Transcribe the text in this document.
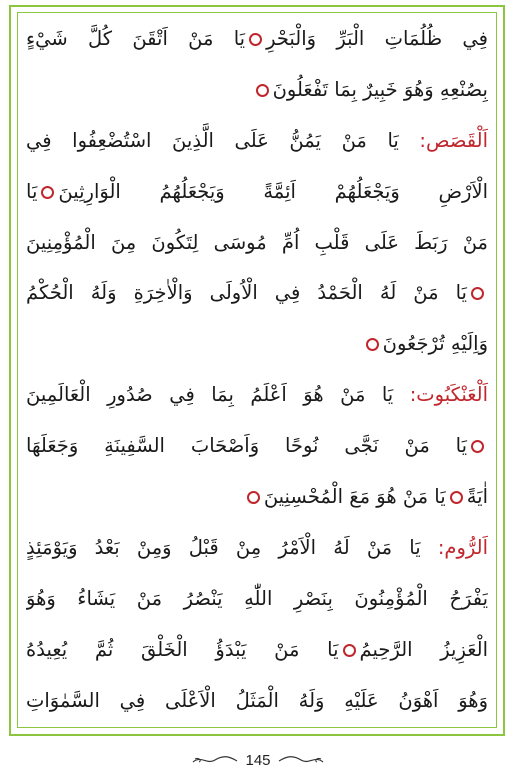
فِي ظُلُمَاتِ الْبَرِّ وَالْبَحْرِيَا مَنْ اَتْقَنَ كُلَّ شَيْءٍ
بِصُنْعِهِ وَهُوَ خَبِيرٌ بِمَا تَفْعَلُونَ
اَلْقَصَص: يَا مَنْ يَمُنُّ عَلَى الَّذِينَ اسْتُضْعِفُوا فِي
الْاَرْضِ وَيَجْعَلُهُمْ اَئِمَّةً وَيَجْعَلُهُمُ الْوَارِثِينَيَا
مَنْ رَبَطَ عَلَى قَلْبِ اُمِّ مُوسَى لِتَكُونَ مِنَ الْمُؤْمِنِينَ
يَا مَنْ لَهُ الْحَمْدُ فِي الْاُولَى وَالْاٰخِرَةِ وَلَهُ الْحُكْمُ
وَاِلَيْهِ تُرْجَعُونَ
اَلْعَنْكَبُوت: يَا مَنْ هُوَ اَعْلَمُ بِمَا فِي صُدُورِ الْعَالَمِينَ
يَا مَنْ نَجَّى نُوحًا وَاَصْحَابَ السَّفِينَةِ وَجَعَلَهَا
اٰيَةًيَا مَنْ هُوَ مَعَ الْمُحْسِنِينَ
اَلرُّوم: يَا مَنْ لَهُ الْاَمْرُ مِنْ قَبْلُ وَمِنْ بَعْدُ وَيَوْمَئِذٍ
يَفْرَحُ الْمُؤْمِنُونَ بِنَصْرِ اللّٰهِ يَنْصُرُ مَنْ يَشَاءُ وَهُوَ
الْعَزِيزُ الرَّحِيمُيَا مَنْ يَبْدَؤُ الْخَلْقَ ثُمَّ يُعِيدُهُ
وَهُوَ اَهْوَنُ عَلَيْهِ وَلَهُ الْمَثَلُ الْاَعْلَى فِي السَّمٰوَاتِ
145
